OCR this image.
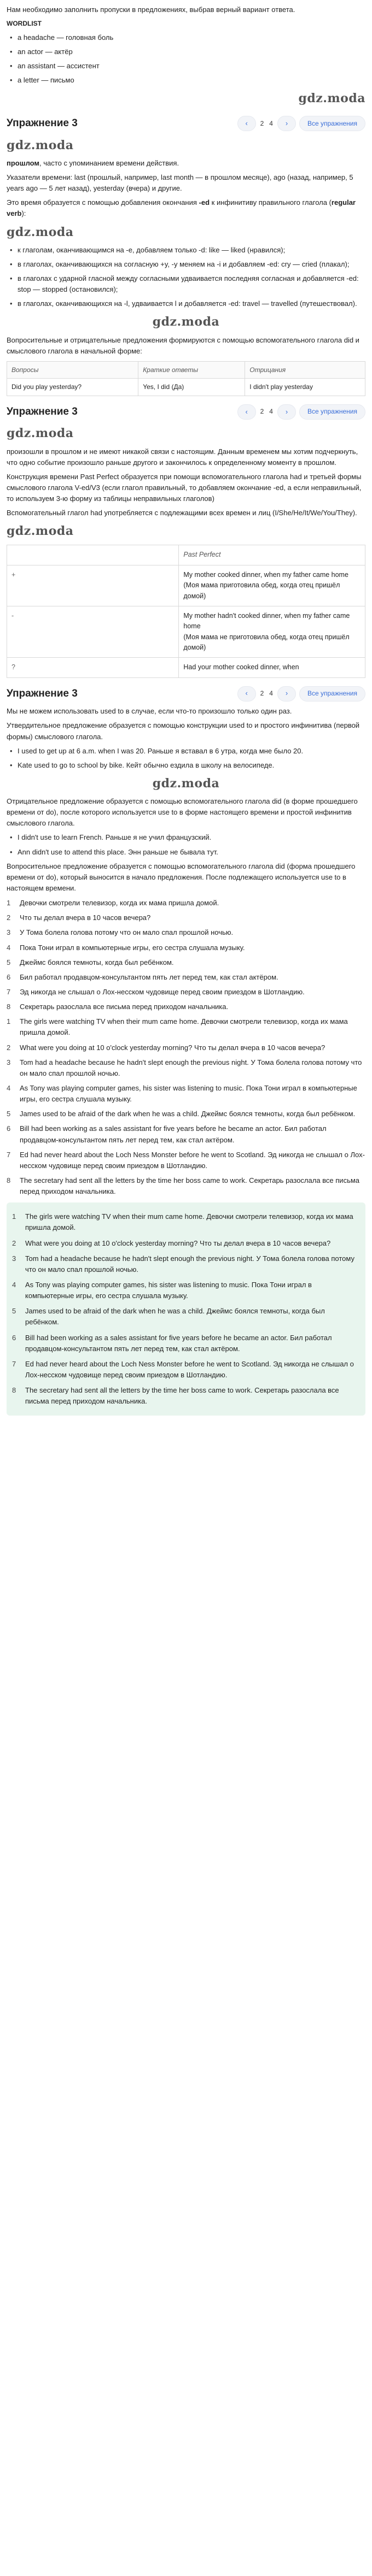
Нам необходимо заполнить пропуски в предложениях, выбрав верный вариант ответа.

WORDLIST
• a headache — головная боль
• an actor — актёр
• an assistant — ассистент
• a letter — письмо
gdz.moda
Упражнение 3	‹ 2 4 ›	Все упражнения
gdz.moda

прошлом, часто с упоминанием времени действия.

Указатели времени: last (прошлый, например, last month — в прошлом месяце), ago (назад, например, 5 years ago — 5 лет назад), yesterday (вчера) и другие.

Это время образуется с помощью добавления окончания -ed к инфинитиву правильного глагола (regular verb):

gdz.moda
• к глаголам, оканчивающимся на -e, добавляем только -d: like — liked (нравился);
• в глаголах, оканчивающихся на согласную +y, -y меняем на -i и добавляем -ed: cry — cried (плакал);
• в глаголах с ударной гласной между согласными удваивается последняя согласная и добавляется -ed: stop — stopped (остановился);
• в глаголах, оканчивающихся на -l, удваивается l и добавляется -ed: travel — travelled (путешествовал).
gdz.moda

Вопросительные и отрицательные предложения формируются с помощью вспомогательного глагола did и смыслового глагола в начальной форме:

Вопросы	Краткие ответы	Отрицания
Did you play yesterday?	Yes, I did (Да)	I didn't play yesterday
Упражнение 3	‹ 2 4 ›	Все упражнения
gdz.moda

произошли в прошлом и не имеют никакой связи с настоящим. Данным временем мы хотим подчеркнуть, что одно событие произошло раньше другого и закончилось к определенному моменту в прошлом.

Конструкция времени Past Perfect образуется при помощи вспомогательного глагола had и третьей формы смыслового глагола V-ed/V3 (если глагол правильный, то добавляем окончание -ed, а если неправильный, то используем 3-ю форму из таблицы неправильных глаголов)

Вспомогательный глагол had употребляется с подлежащими всех времен и лиц (I/She/He/It/We/You/They).

gdz.moda
	Past Perfect
+	My mother cooked dinner, when my father came home
(Моя мама приготовила обед, когда отец пришёл домой)
-	My mother hadn't cooked dinner, when my father came home
(Моя мама не приготовила обед, когда отец пришёл домой)
?	Had your mother cooked dinner, when
Упражнение 3	‹ 2 4 ›	Все упражнения

Мы не можем использовать used to в случае, если что-то произошло только один раз.

Утвердительное предложение образуется с помощью конструкции used to и простого инфинитива (первой формы) смыслового глагола.

• I used to get up at 6 a.m. when I was 20. Раньше я вставал в 6 утра, когда мне было 20.
• Kate used to go to school by bike. Кейт обычно ездила в школу на велосипеде.
gdz.moda

Отрицательное предложение образуется с помощью вспомогательного глагола did (в форме прошедшего времени от do), после которого используется use to в форме настоящего времени и простой инфинитив смыслового глагола.

• I didn't use to learn French. Раньше я не учил французский.
• Ann didn't use to attend this place. Энн раньше не бывала тут.

Вопросительное предложение образуется с помощью вспомогательного глагола did (форма прошедшего времени от do), который выносится в начало предложения. После подлежащего используется use to в настоящем времени.

1	Девочки смотрели телевизор, когда их мама пришла домой.
2	Что ты делал вчера в 10 часов вечера?
3	У Тома болела голова потому что он мало спал прошлой ночью.
4	Пока Тони играл в компьютерные игры, его сестра слушала музыку.
5	Джеймс боялся темноты, когда был ребёнком.
6	Бил работал продавцом-консультантом пять лет перед тем, как стал актёром.
7	Эд никогда не слышал о Лох-несском чудовище перед своим приездом в Шотландию.
8	Секретарь разослала все письма перед приходом начальника.
1	The girls were watching TV when their mum came home. Девочки смотрели телевизор, когда их мама пришла домой.
2	What were you doing at 10 o'clock yesterday morning? Что ты делал вчера в 10 часов вечера?
3	Tom had a headache because he hadn't slept enough the previous night. У Тома болела голова потому что он мало спал прошлой ночью.
4	As Tony was playing computer games, his sister was listening to music. Пока Тони играл в компьютерные игры, его сестра слушала музыку.
5	James used to be afraid of the dark when he was a child. Джеймс боялся темноты, когда был ребёнком.
6	Bill had been working as a sales assistant for five years before he became an actor. Бил работал продавцом-консультантом пять лет перед тем, как стал актёром.
7	Ed had never heard about the Loch Ness Monster before he went to Scotland. Эд никогда не слышал о Лох-несском чудовище перед своим приездом в Шотландию.
8	The secretary had sent all the letters by the time her boss came to work. Секретарь разослала все письма перед приходом начальника.
1	The girls were watching TV when their mum came home. Девочки смотрели телевизор, когда их мама пришла домой.
2	What were you doing at 10 o'clock yesterday morning? Что ты делал вчера в 10 часов вечера?
3	Tom had a headache because he hadn't slept enough the previous night. У Тома болела голова потому что он мало спал прошлой ночью.
4	As Tony was playing computer games, his sister was listening to music. Пока Тони играл в компьютерные игры, его сестра слушала музыку.
5	James used to be afraid of the dark when he was a child. Джеймс боялся темноты, когда был ребёнком.
6	Bill had been working as a sales assistant for five years before he became an actor. Бил работал продавцом-консультантом пять лет перед тем, как стал актёром.
7	Ed had never heard about the Loch Ness Monster before he went to Scotland. Эд никогда не слышал о Лох-несском чудовище перед своим приездом в Шотландию.
8	The secretary had sent all the letters by the time her boss came to work. Секретарь разослала все письма перед приходом начальника.
